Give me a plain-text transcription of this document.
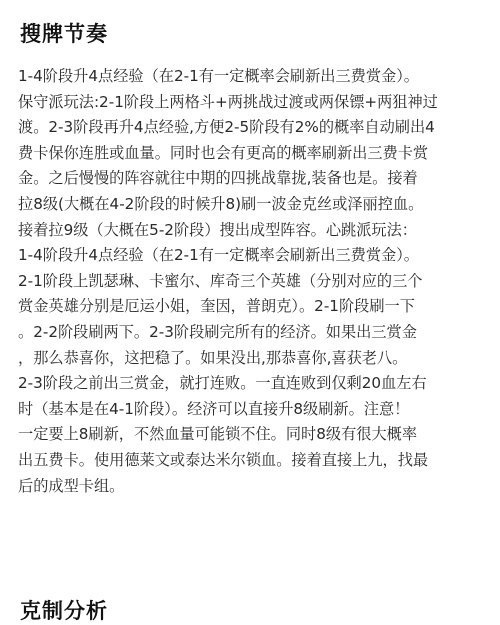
搜牌节奏
1-4阶段升4点经验（在2-1有一定概率会刷新出三费赏金）。
保守派玩法:2-1阶段上两格斗+两挑战过渡或两保镖+两狙神过
渡。2-3阶段再升4点经验,方便2-5阶段有2%的概率自动刷出4
费卡保你连胜或血量。同时也会有更高的概率刷新出三费卡赏
金。之后慢慢的阵容就往中期的四挑战靠拢,装备也是。接着
拉8级(大概在4-2阶段的时候升8)刷一波金克丝或泽丽控血。
接着拉9级（大概在5-2阶段）搜出成型阵容。心跳派玩法：
1-4阶段升4点经验（在2-1有一定概率会刷新出三费赏金）。
2-1阶段上凯瑟琳、卡蜜尔、库奇三个英雄（分别对应的三个
赏金英雄分别是厄运小姐，奎因，普朗克）。2-1阶段刷一下
。2-2阶段刷两下。2-3阶段刷完所有的经济。如果出三赏金
，那么恭喜你，这把稳了。如果没出,那恭喜你,喜获老八。
2-3阶段之前出三赏金，就打连败。一直连败到仅剩20血左右
时（基本是在4-1阶段）。经济可以直接升8级刷新。注意！
一定要上8刷新，不然血量可能锁不住。同时8级有很大概率
出五费卡。使用德莱文或泰达米尔锁血。接着直接上九，找最
后的成型卡组。
克制分析
